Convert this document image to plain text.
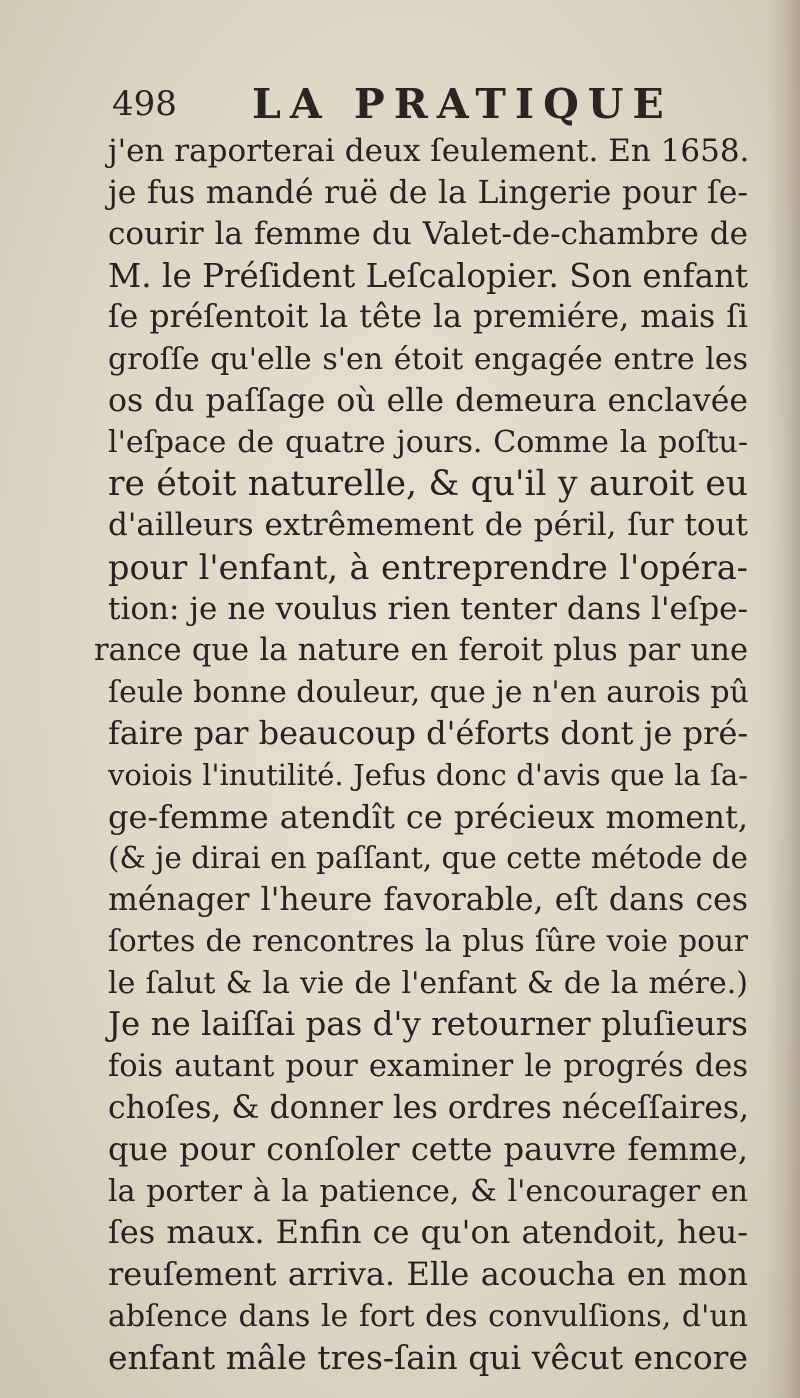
498 LA PRATIQUE
j'en raporterai deux ſeulement. En 1658.
je fus mandé ruë de la Lingerie pour ſe-
courir la femme du Valet-de-chambre de
M. le Préſident Leſcalopier. Son enfant
ſe préſentoit la tête la premiére, mais ſi
groſſe qu'elle s'en étoit engagée entre les
os du paſſage où elle demeura enclavée
l'eſpace de quatre jours. Comme la poſtu-
re étoit naturelle, & qu'il y auroit eu
d'ailleurs extrêmement de péril, ſur tout
pour l'enfant, à entreprendre l'opéra-
tion: je ne voulus rien tenter dans l'eſpe-
rance que la nature en feroit plus par une
ſeule bonne douleur, que je n'en aurois pû
faire par beaucoup d'éforts dont je pré-
voiois l'inutilité. Jefus donc d'avis que la ſa-
ge-femme atendît ce précieux moment,
(& je dirai en paſſant, que cette métode de
ménager l'heure favorable, eſt dans ces
ſortes de rencontres la plus ſûre voie pour
le ſalut & la vie de l'enfant & de la mére.)
Je ne laiſſai pas d'y retourner pluſieurs
fois autant pour examiner le progrés des
choſes, & donner les ordres néceſſaires,
que pour conſoler cette pauvre femme,
la porter à la patience, & l'encourager en
ſes maux. Enfin ce qu'on atendoit, heu-
reuſement arriva. Elle acoucha en mon
abſence dans le fort des convulſions, d'un
enfant mâle tres-ſain qui vêcut encore
